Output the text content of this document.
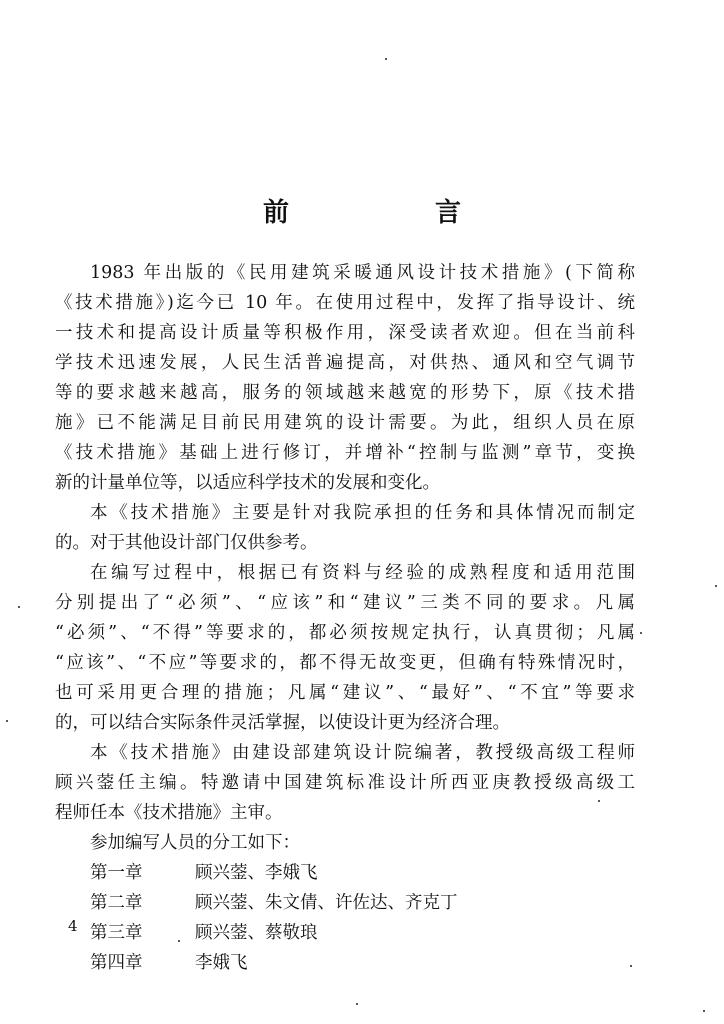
前　言
1983 年出版的《民用建筑采暖通风设计技术措施》(下简称
《技术措施》)迄今已 10 年。在使用过程中，发挥了指导设计、统
一技术和提高设计质量等积极作用，深受读者欢迎。但在当前科
学技术迅速发展，人民生活普遍提高，对供热、通风和空气调节
等的要求越来越高，服务的领域越来越宽的形势下，原《技术措
施》已不能满足目前民用建筑的设计需要。为此，组织人员在原
《技术措施》基础上进行修订，并增补“控制与监测”章节，变换
新的计量单位等，以适应科学技术的发展和变化。
本《技术措施》主要是针对我院承担的任务和具体情况而制定
的。对于其他设计部门仅供参考。
在编写过程中，根据已有资料与经验的成熟程度和适用范围
分别提出了“必须”、“应该”和“建议”三类不同的要求。凡属
“必须”、“不得”等要求的，都必须按规定执行，认真贯彻；凡属
“应该”、“不应”等要求的，都不得无故变更，但确有特殊情况时，
也可采用更合理的措施；凡属“建议”、“最好”、“不宜”等要求
的，可以结合实际条件灵活掌握，以使设计更为经济合理。
本《技术措施》由建设部建筑设计院编著，教授级高级工程师
顾兴蓥任主编。特邀请中国建筑标准设计所西亚庚教授级高级工
程师任本《技术措施》主审。
参加编写人员的分工如下：
第一章	顾兴蓥、李娥飞
第二章	顾兴蓥、朱文倩、许佐达、齐克丁
第三章	顾兴蓥、蔡敬琅
第四章	李娥飞
4
